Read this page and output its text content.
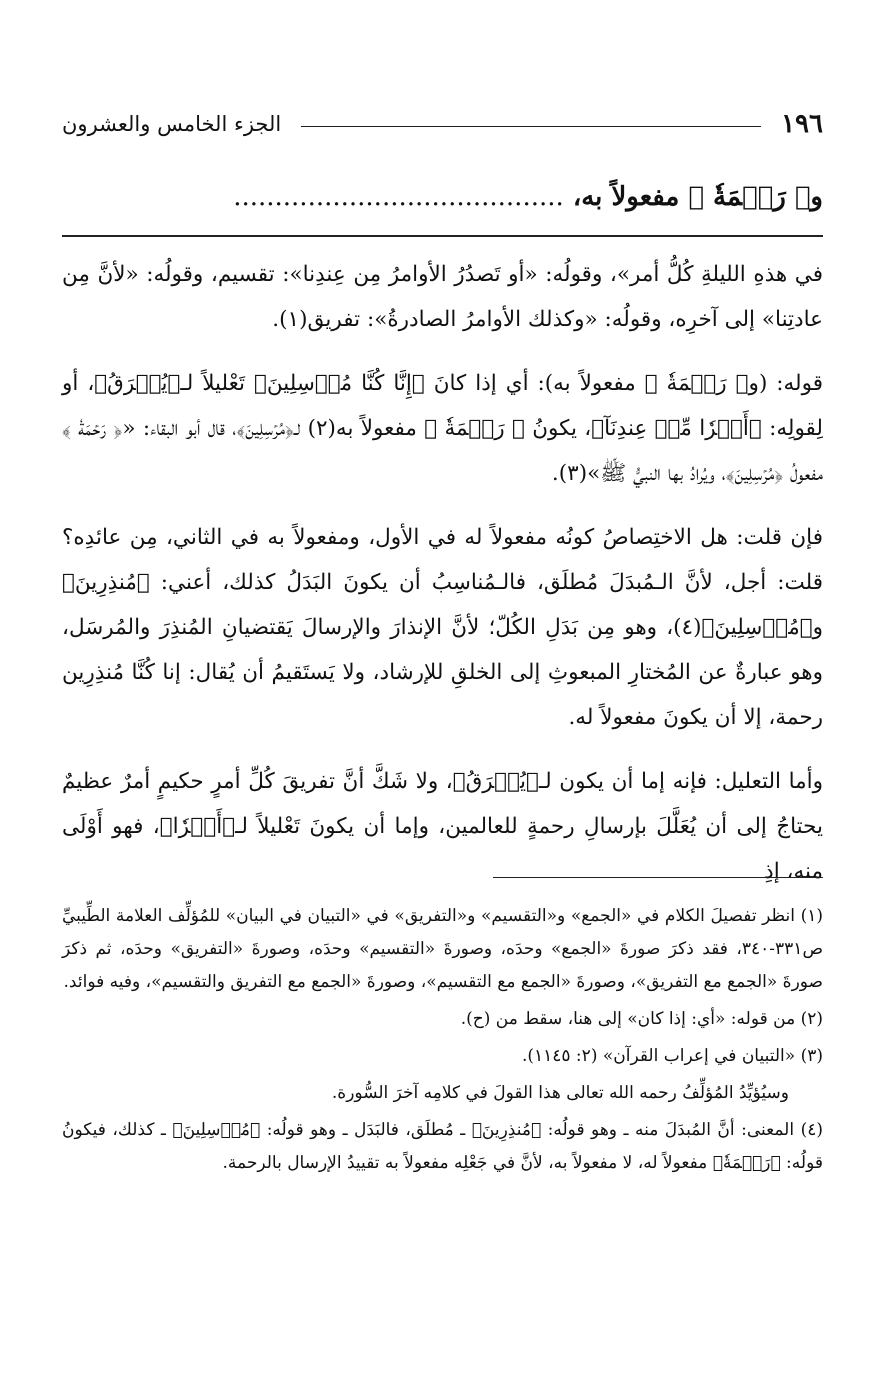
١٩٦
الجزء الخامس والعشرون
و﴿ رَحۡمَةٗ ﴾ مفعولاً به، ........................................

في هذهِ الليلةِ كُلُّ أمر»، وقولُه: «أو تَصدُرُ الأوامرُ مِن عِندِنا»: تقسيم، وقولُه: «لأنَّ مِن عادتِنا» إلى آخرِه، وقولُه: «وكذلك الأوامرُ الصادرةُ»: تفريق(١).

قوله: (و﴿ رَحۡمَةٗ ﴾ مفعولاً به): أي إذا كانَ ﴿إِنَّا كُنَّا مُرۡسِلِينَ﴾ تَعْليلاً لـ﴿يُفۡرَقُ﴾، أو لِقولِه: ﴿أَمۡرٗا مِّنۡ عِندِنَآ﴾، يكونُ ﴿ رَحۡمَةٗ ﴾ مفعولاً به(٢) لـ﴿مُرۡسِلِينَ﴾، قال أبو البقاء: «﴿ رَحۡمَةٗ ﴾ مفعولُ ﴿مُرۡسِلِينَ﴾، ويُرادُ بها النبيُّ ﷺ»(٣).

فإن قلت: هل الاختِصاصُ كونُه مفعولاً له في الأول، ومفعولاً به في الثاني، مِن عائدِه؟ قلت: أجل، لأنَّ الـمُبدَلَ مُطلَق، فالـمُناسِبُ أن يكونَ البَدَلُ كذلك، أعني: ﴿مُنذِرِينَ﴾ و﴿مُرۡسِلِينَ﴾(٤)، وهو مِن بَدَلِ الكُلّ؛ لأنَّ الإنذارَ والإرسالَ يَقتضيانِ المُنذِرَ والمُرسَل، وهو عبارةٌ عن المُختارِ المبعوثِ إلى الخلقِ للإرشاد، ولا يَستَقيمُ أن يُقال: إنا كُنَّا مُنذِرِين رحمة، إلا أن يكونَ مفعولاً له.

وأما التعليل: فإنه إما أن يكون لـ﴿يُفۡرَقُ﴾، ولا شَكَّ أنَّ تفريقَ كُلِّ أمرٍ حكيمٍ أمرٌ عظيمٌ يحتاجُ إلى أن يُعَلَّلَ بإرسالِ رحمةٍ للعالمين، وإما أن يكونَ تَعْليلاً لـ﴿أَمۡرٗا﴾، فهو أَوْلَى منه، إذِ

(١) انظر تفصيلَ الكلام في «الجمع» و«التقسيم» و«التفريق» في «التبيان في البيان» للمُؤلِّف العلامة الطِّيبيِّ ص٣٣١-٣٤٠، فقد ذكرَ صورةَ «الجمع» وحدَه، وصورةَ «التقسيم» وحدَه، وصورةَ «التفريق» وحدَه، ثم ذكرَ صورةَ «الجمع مع التفريق»، وصورةَ «الجمع مع التقسيم»، وصورةَ «الجمع مع التفريق والتقسيم»، وفيه فوائد.

(٢) من قوله: «أي: إذا كان» إلى هنا، سقط من (ح).

(٣) «التبيان في إعراب القرآن» (٢: ١١٤٥).

وسيُؤيِّدُ المُؤلِّفُ رحمه الله تعالى هذا القولَ في كلامِه آخرَ السُّورة.

(٤) المعنى: أنَّ المُبدَلَ منه ـ وهو قولُه: ﴿مُنذِرِينَ﴾ ـ مُطلَق، فالبَدَل ـ وهو قولُه: ﴿مُرۡسِلِينَ﴾ ـ كذلك، فيكونُ قولُه: ﴿رَحۡمَةٗ﴾ مفعولاً له، لا مفعولاً به، لأنَّ في جَعْلِه مفعولاً به تقييدُ الإرسال بالرحمة.
